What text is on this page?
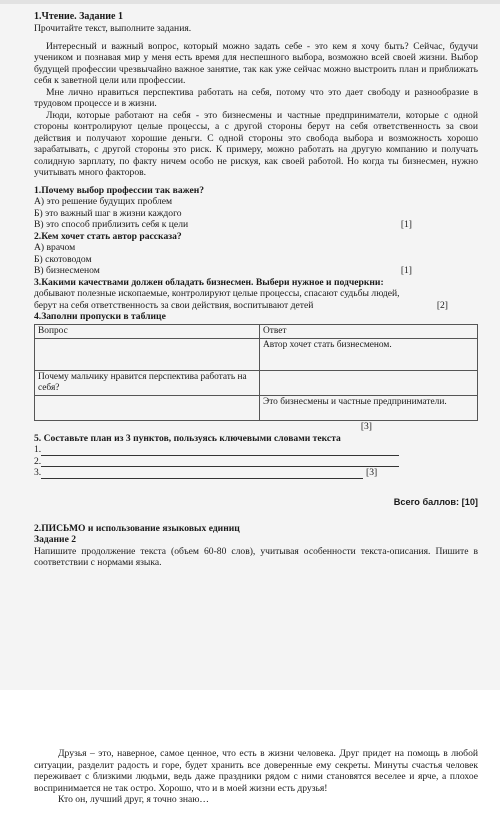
1.Чтение. Задание 1

Прочитайте текст, выполните задания.

Интересный и важный вопрос, который можно задать себе - это кем я хочу быть? Сейчас, будучи учеником и познавая мир у меня есть время для неспешного выбора, возможно всей своей жизни. Выбор будущей профессии чрезвычайно важное занятие, так как уже сейчас можно выстроить план и приближать себя к заветной цели или профессии.

Мне лично нравиться перспектива работать на себя, потому что это дает свободу и разнообразие в трудовом процессе и в жизни.

Люди, которые работают на себя - это бизнесмены и частные предприниматели, которые с одной стороны контролируют целые процессы, а с другой стороны берут на себя ответственность за свои действия и получают хорошие деньги. С одной стороны это свобода выбора и возможность хорошо зарабатывать, с другой стороны это риск. К примеру, можно работать на другую компанию и получать солидную зарплату, по факту ничем особо не рискуя, как своей работой. Но когда ты бизнесмен, нужно учитывать много факторов.

1.Почему выбор профессии так важен?

А) это решение будущих проблем

Б) это важный шаг в жизни каждого

В) это способ приблизить себя к цели	[1]
2.Кем хочет стать автор рассказа?

А) врачом

Б) скотоводом

В) бизнесменом	[1]
3.Какими качествами должен обладать бизнесмен. Выбери нужное и подчеркни:

добывают полезные ископаемые, контролируют целые процессы, спасают судьбы людей,

берут на себя ответственность за свои действия, воспитывают детей	[2]
4.Заполни пропуски в таблице
Вопрос	Ответ
	Автор хочет стать бизнесменом.
Почему мальчику нравится перспектива работать на себя?	
	Это бизнесмены и частные предприниматели.
[3]
5. Составьте план из 3 пунктов, пользуясь ключевыми словами текста
1.
2.
3.	[3]
Всего баллов: [10]
2.ПИСЬМО и использование языковых единиц

Задание 2

Напишите продолжение текста (объем 60-80 слов), учитывая особенности текста-описания. Пишите в соответствии с нормами языка.

Друзья – это, наверное, самое ценное, что есть в жизни человека. Друг придет на помощь в любой ситуации, разделит радость и горе, будет хранить все доверенные ему секреты. Минуты счастья человек переживает с близкими людьми, ведь даже праздники рядом с ними становятся веселее и ярче, а плохое воспринимается не так остро. Хорошо, что и в моей жизни есть друзья!

Кто он, лучший друг, я точно знаю…
